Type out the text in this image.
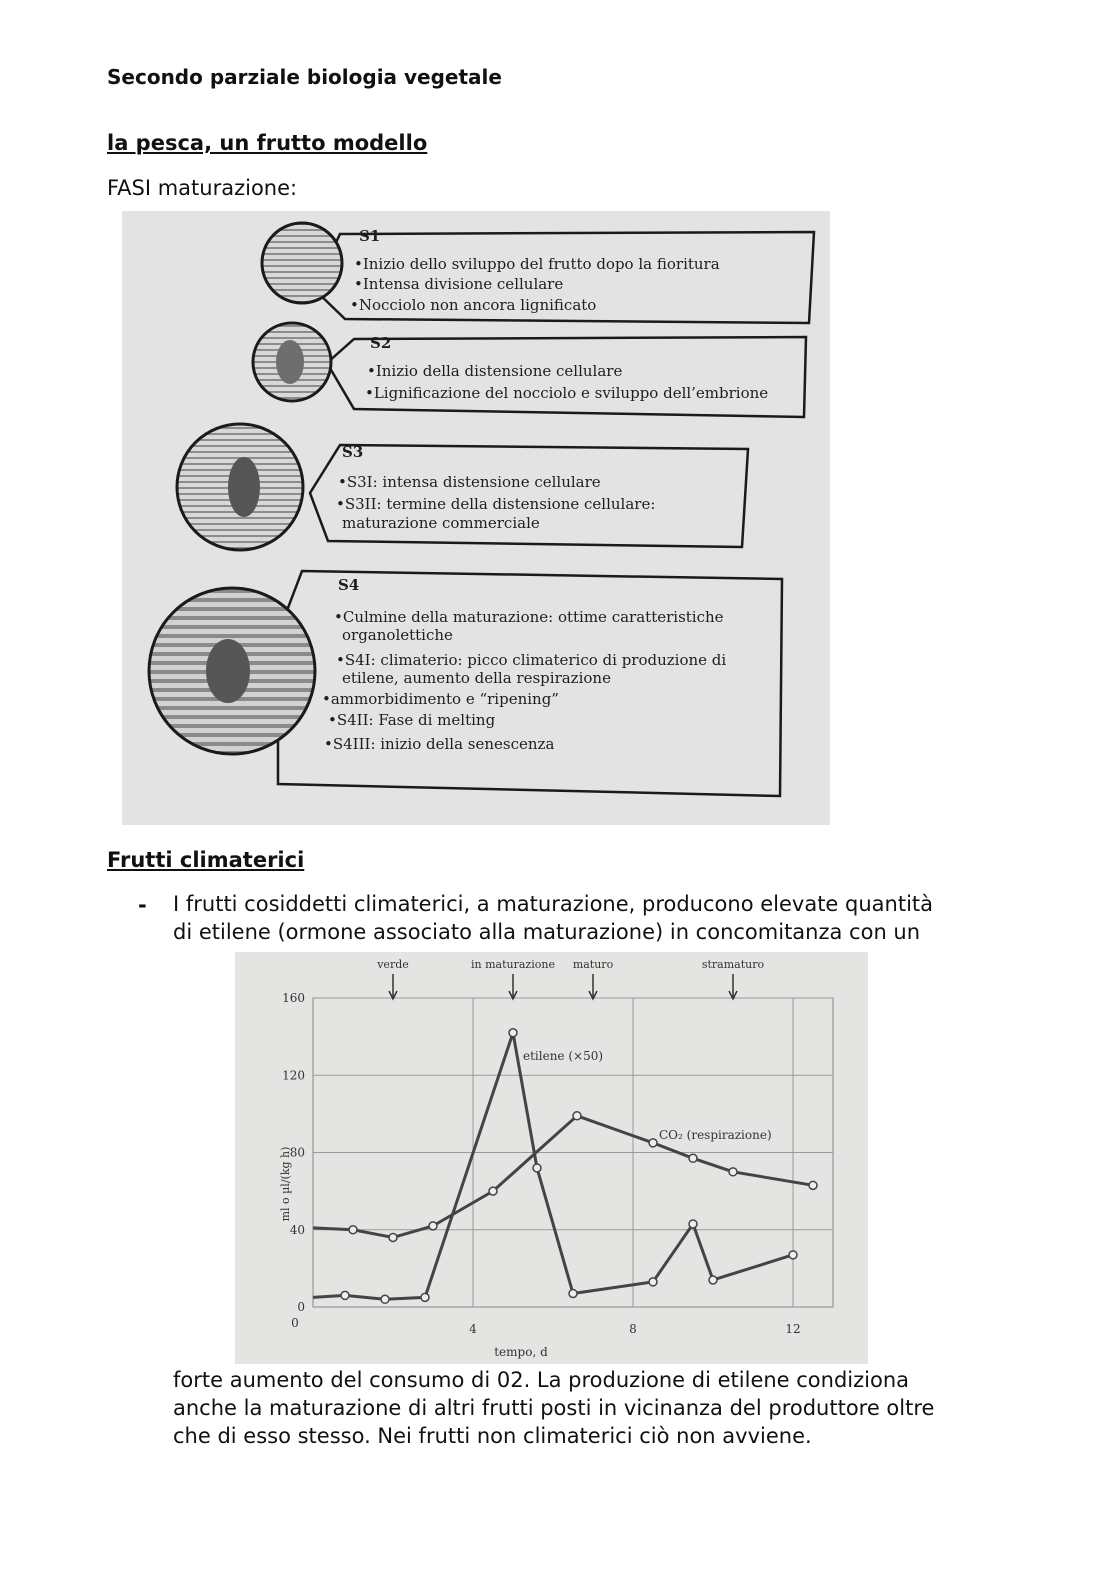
Secondo parziale biologia vegetale
la pesca, un frutto modello

FASI maturazione:

S1
•Inizio dello sviluppo del frutto dopo la fioritura
•Intensa divisione cellulare
•Nocciolo non ancora lignificato
S2
•Inizio della distensione cellulare
•Lignificazione del nocciolo e sviluppo dell’embrione
S3
•S3I: intensa distensione cellulare
•S3II: termine della distensione cellulare:
maturazione commerciale
S4
•Culmine della maturazione: ottime caratteristiche
organolettiche
•S4I: climaterio: picco climaterico di produzione di
etilene, aumento della respirazione
•ammorbidimento e “ripening”
•S4II: Fase di melting
•S4III: inizio della senescenza
Frutti climaterici
- I frutti cosiddetti climaterici, a maturazione, producono elevate quantità

di etilene (ormone associato alla maturazione) in concomitanza con un

0
40
80
120
160
0	4	8	12
verde	in maturazione maturo	stramaturo
ml o µl/(kg h)
tempo, d
etilene (×50)
CO₂ (respirazione)

forte aumento del consumo di 02. La produzione di etilene condiziona

anche la maturazione di altri frutti posti in vicinanza del produttore oltre

che di esso stesso. Nei frutti non climaterici ciò non avviene.
